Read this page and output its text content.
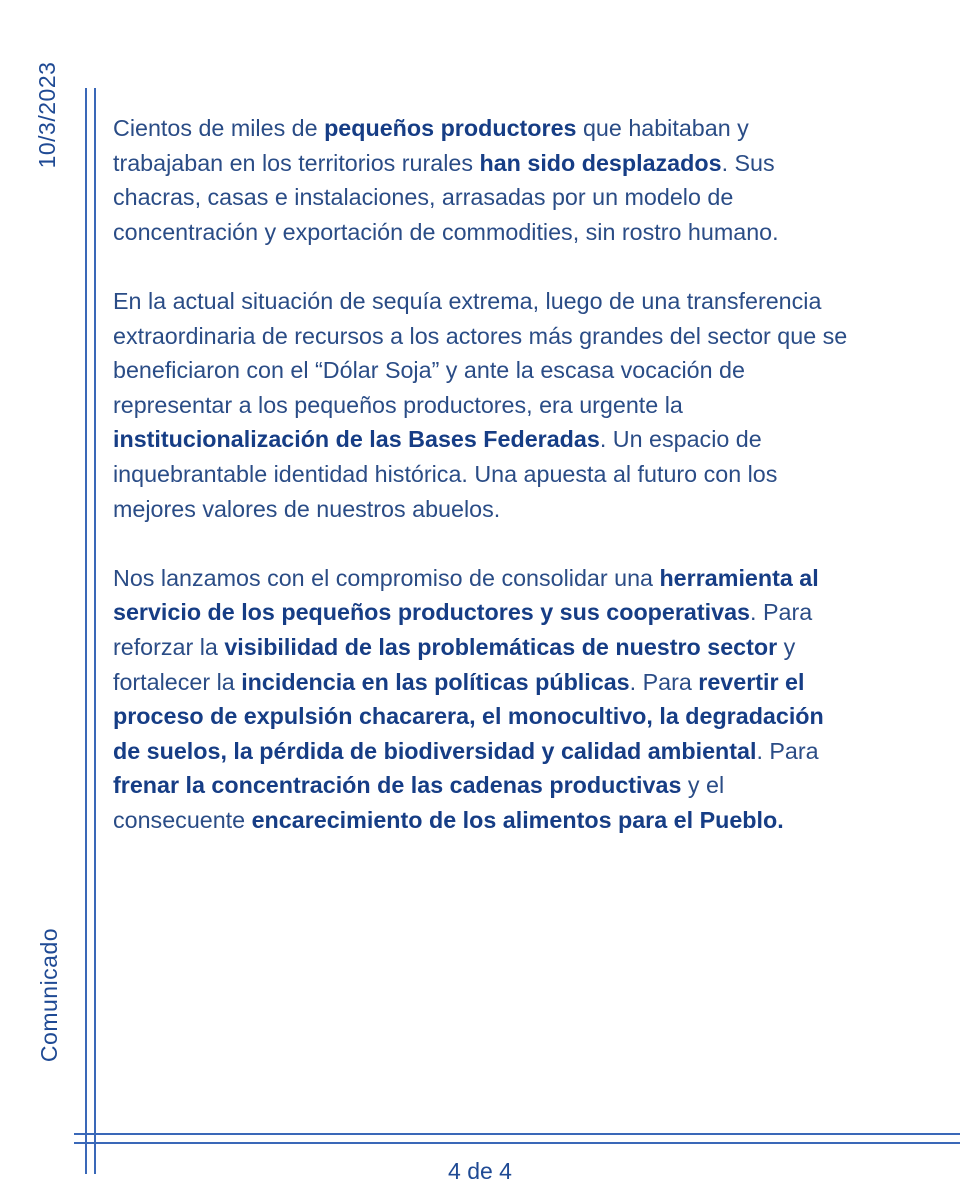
10/3/2023
Comunicado

Cientos de miles de pequeños productores que habitaban y trabajaban en los territorios rurales han sido desplazados. Sus chacras, casas e instalaciones, arrasadas por un modelo de concentración y exportación de commodities, sin rostro humano.

En la actual situación de sequía extrema, luego de una transferencia extraordinaria de recursos a los actores más grandes del sector que se beneficiaron con el “Dólar Soja” y ante la escasa vocación de representar a los pequeños productores, era urgente la institucionalización de las Bases Federadas. Un espacio de inquebrantable identidad histórica. Una apuesta al futuro con los mejores valores de nuestros abuelos.

Nos lanzamos con el compromiso de consolidar una herramienta al servicio de los pequeños productores y sus cooperativas. Para reforzar la visibilidad de las problemáticas de nuestro sector y fortalecer la incidencia en las políticas públicas. Para revertir el proceso de expulsión chacarera, el monocultivo, la degradación de suelos, la pérdida de biodiversidad y calidad ambiental. Para frenar la concentración de las cadenas productivas y el consecuente encarecimiento de los alimentos para el Pueblo.

4 de 4
